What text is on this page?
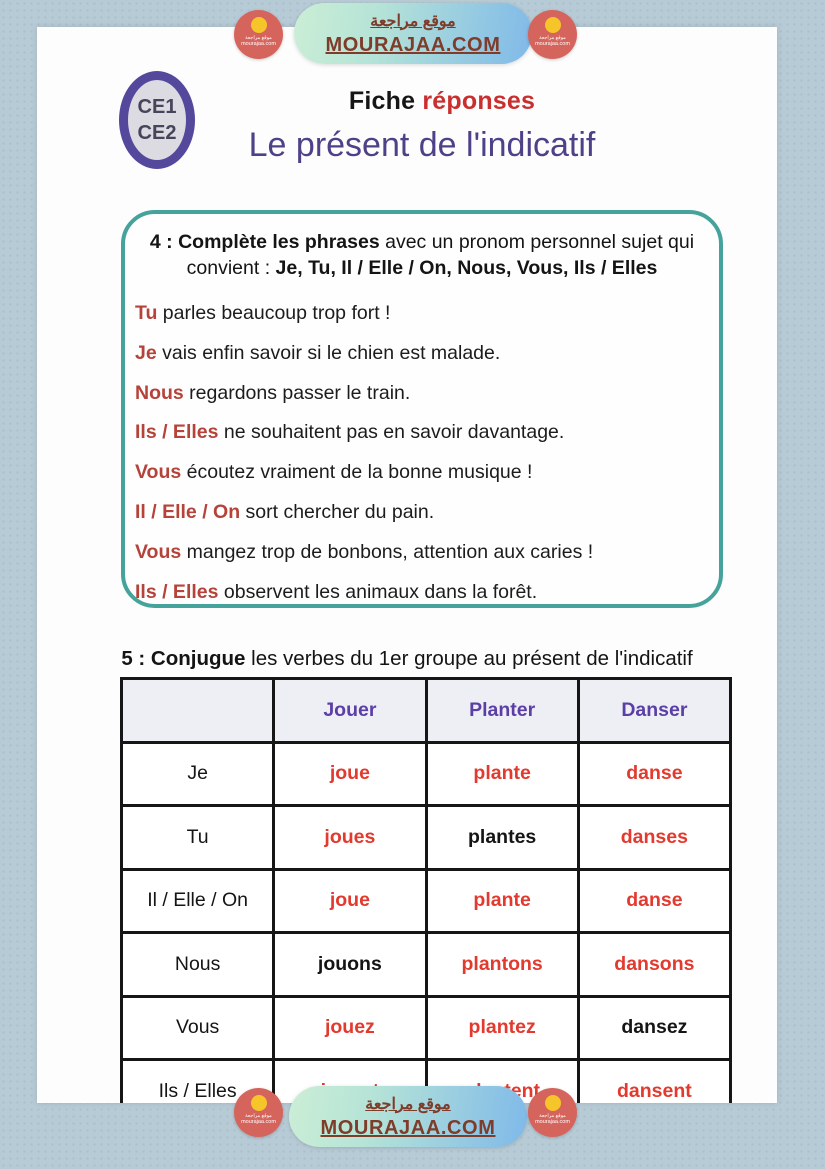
CE1
CE2
Fiche réponses
Le présent de l'indicatif
4 : Complète les phrases avec un pronom personnel sujet qui convient : Je, Tu, Il / Elle / On, Nous, Vous, Ils / Elles
Tu parles beaucoup trop fort !
Je vais enfin savoir si le chien est malade.
Nous regardons passer le train.
Ils / Elles ne souhaitent pas en savoir davantage.
Vous écoutez vraiment de la bonne musique !
Il / Elle / On sort chercher du pain.
Vous mangez trop de bonbons, attention aux caries !
Ils / Elles observent les animaux dans la forêt.
5 : Conjugue les verbes du 1er groupe au présent de l'indicatif
	Jouer	Planter	Danser
Je	joue	plante	danse
Tu	joues	plantes	danses
Il / Elle / On	joue	plante	danse
Nous	jouons	plantons	dansons
Vous	jouez	plantez	dansez
Ils / Elles			dansent
موقع مراجعة
MOURAJAA.COM
موقع مراجعة
mourajaa.com
موقع مراجعة
mourajaa.com
موقع مراجعة
MOURAJAA.COM
موقع مراجعة
mourajaa.com
موقع مراجعة
mourajaa.com
